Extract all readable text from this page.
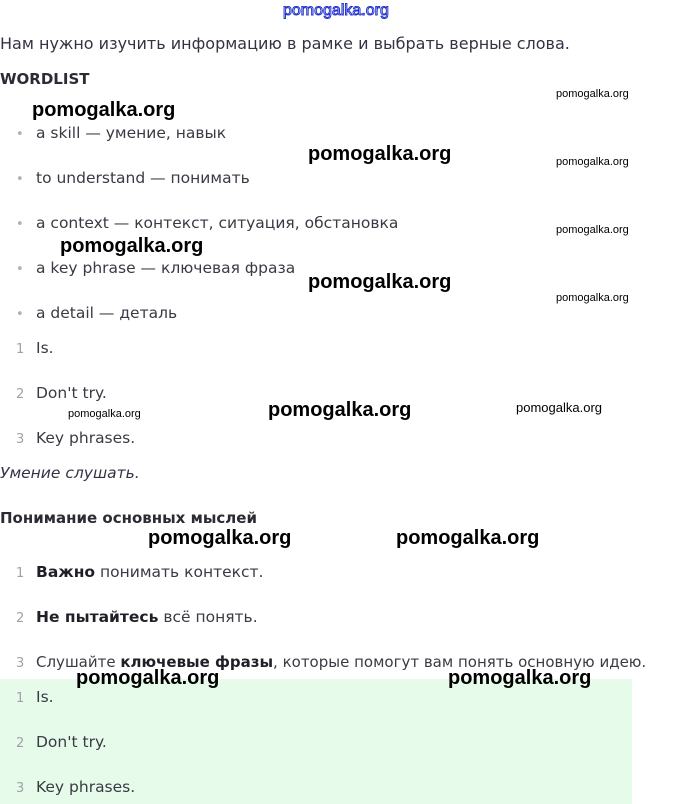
pomogalka.org
Нам нужно изучить информацию в рамке и выбрать верные слова.
WORDLIST
• a skill — умение, навык
• to understand — понимать
• a context — контекст, ситуация, обстановка
• a key phrase — ключевая фраза
• a detail — деталь
1 Is.
2 Don't try.
3 Key phrases.
Умение слушать.
Понимание основных мыслей
1 Важно понимать контекст.
2 Не пытайтесь всё понять.
3 Слушайте ключевые фразы, которые помогут вам понять основную идею.
1 Is.
2 Don't try.
3 Key phrases.
pomogalka.org
pomogalka.org
pomogalka.org	pomogalka.org
pomogalka.org
pomogalka.org
pomogalka.org
pomogalka.org
pomogalka.org	pomogalka.org	pomogalka.org
pomogalka.org	pomogalka.org
pomogalka.org	pomogalka.org
